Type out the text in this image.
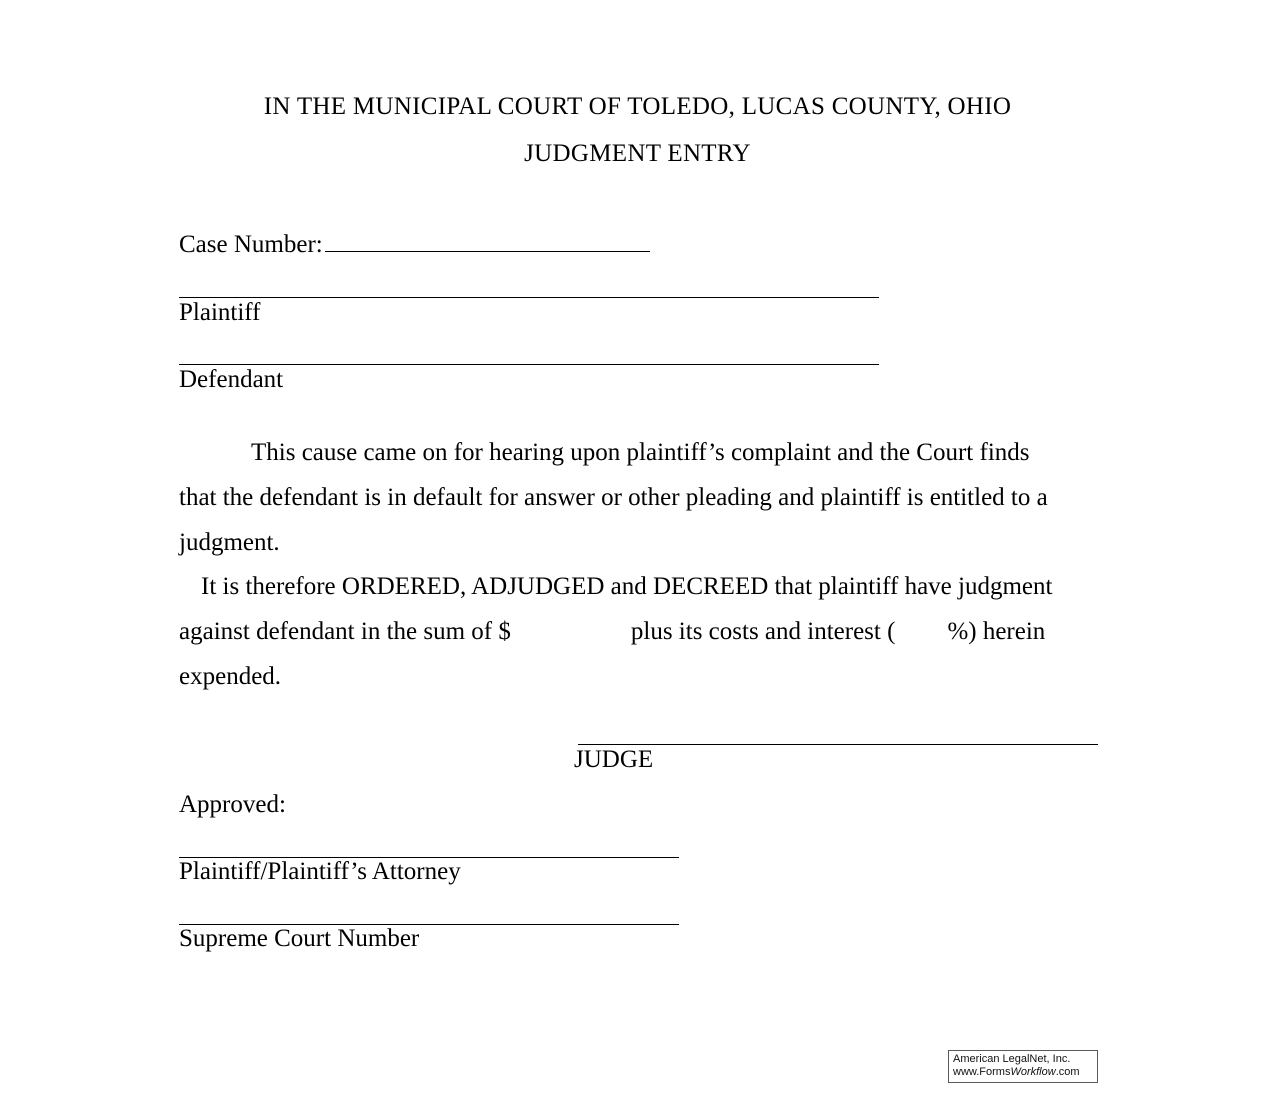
IN THE MUNICIPAL COURT OF TOLEDO, LUCAS COUNTY, OHIO
JUDGMENT ENTRY
Case Number:
Plaintiff
Defendant
This cause came on for hearing upon plaintiff’s complaint and the Court finds that the defendant is in default for answer or other pleading and plaintiff is entitled to a judgment.
It is therefore ORDERED, ADJUDGED and DECREED that plaintiff have judgment against defendant in the sum of $	plus its costs and interest ( %) herein expended.
JUDGE
Approved:
Plaintiff/Plaintiff’s Attorney
Supreme Court Number
American LegalNet, Inc.
www.FormsWorkflow.com
